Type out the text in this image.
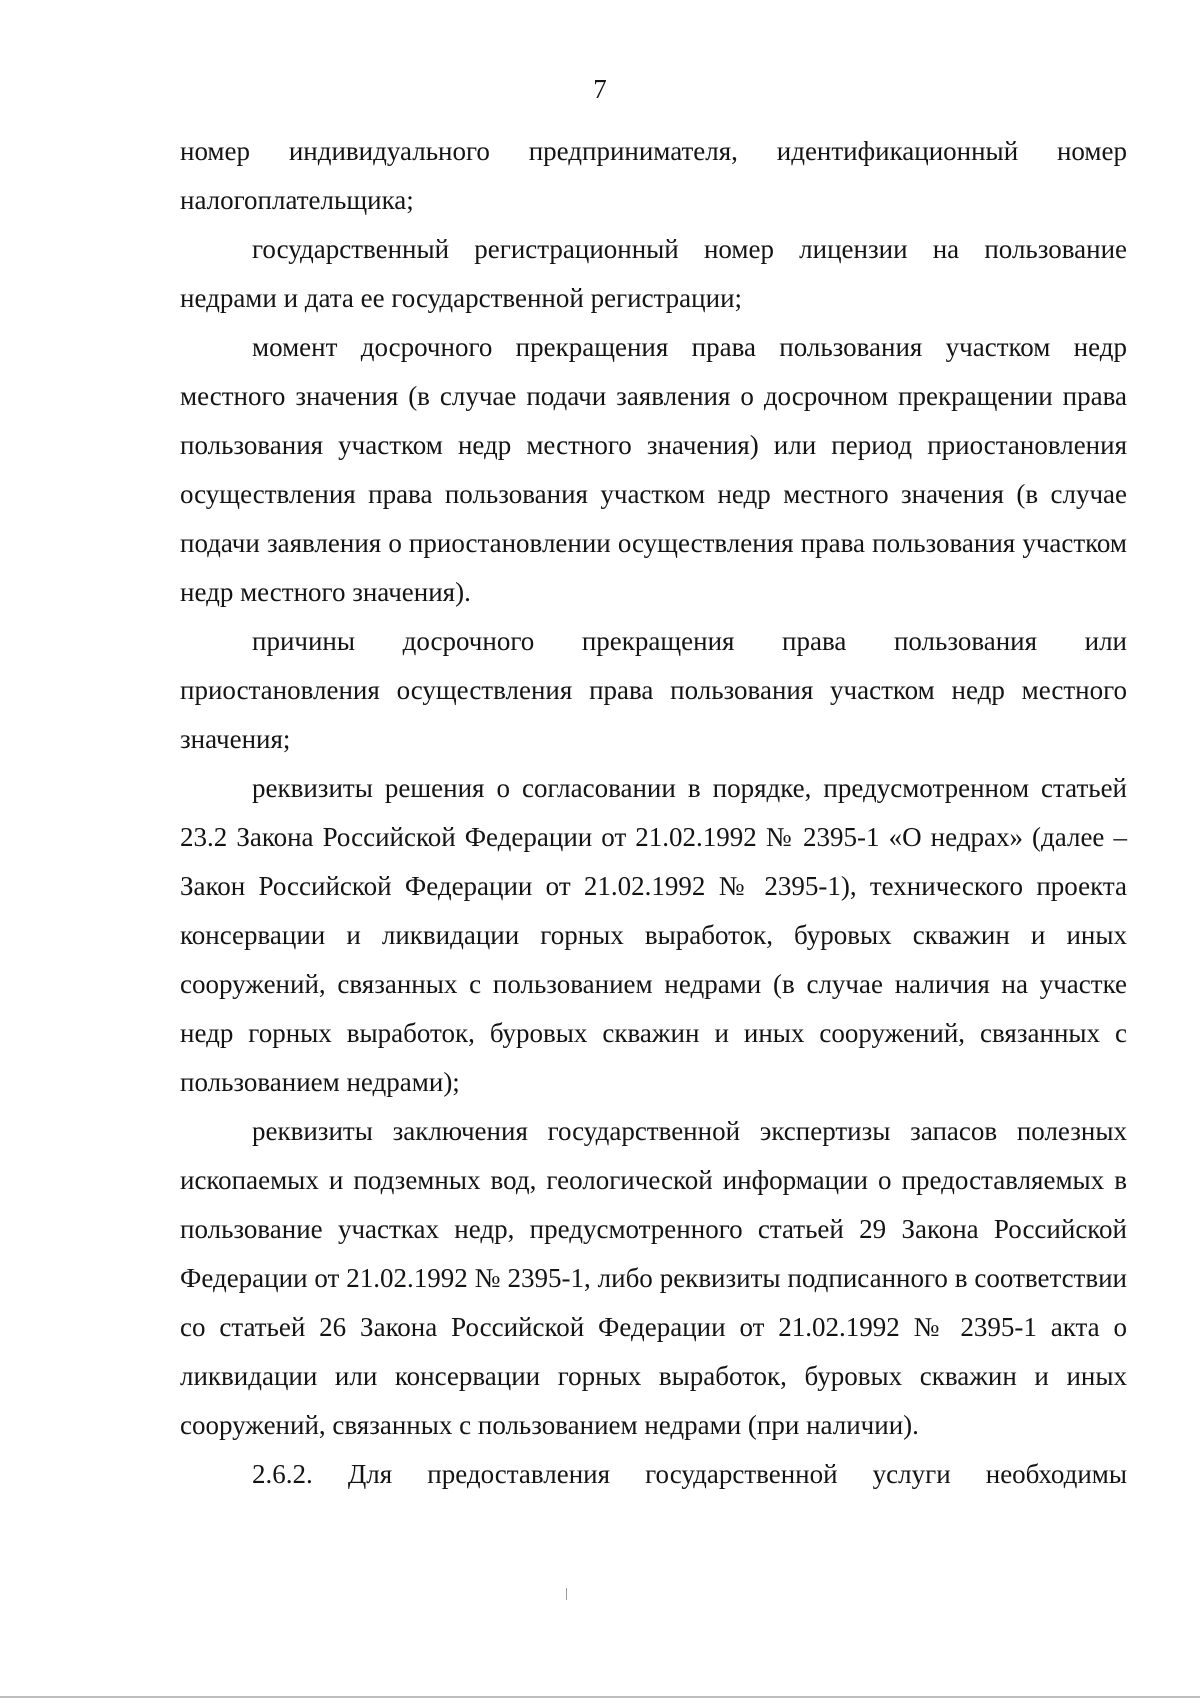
7

номер индивидуального предпринимателя, идентификационный номер налогоплательщика;

государственный регистрационный номер лицензии на пользование недрами и дата ее государственной регистрации;

момент досрочного прекращения права пользования участком недр местного значения (в случае подачи заявления о досрочном прекращении права пользования участком недр местного значения) или период приостановления осуществления права пользования участком недр местного значения (в случае подачи заявления о приостановлении осуществления права пользования участком недр местного значения).

причины досрочного прекращения права пользования или приостановления осуществления права пользования участком недр местного значения;

реквизиты решения о согласовании в порядке, предусмотренном статьей 23.2 Закона Российской Федерации от 21.02.1992 № 2395-1 «О недрах» (далее – Закон Российской Федерации от 21.02.1992 № 2395-1), технического проекта консервации и ликвидации горных выработок, буровых скважин и иных сооружений, связанных с пользованием недрами (в случае наличия на участке недр горных выработок, буровых скважин и иных сооружений, связанных с пользованием недрами);

реквизиты заключения государственной экспертизы запасов полезных ископаемых и подземных вод, геологической информации о предоставляемых в пользование участках недр, предусмотренного статьей 29 Закона Российской Федерации от 21.02.1992 № 2395-1, либо реквизиты подписанного в соответствии со статьей 26 Закона Российской Федерации от 21.02.1992 № 2395-1 акта о ликвидации или консервации горных выработок, буровых скважин и иных сооружений, связанных с пользованием недрами (при наличии).

2.6.2. Для предоставления государственной услуги необходимы
